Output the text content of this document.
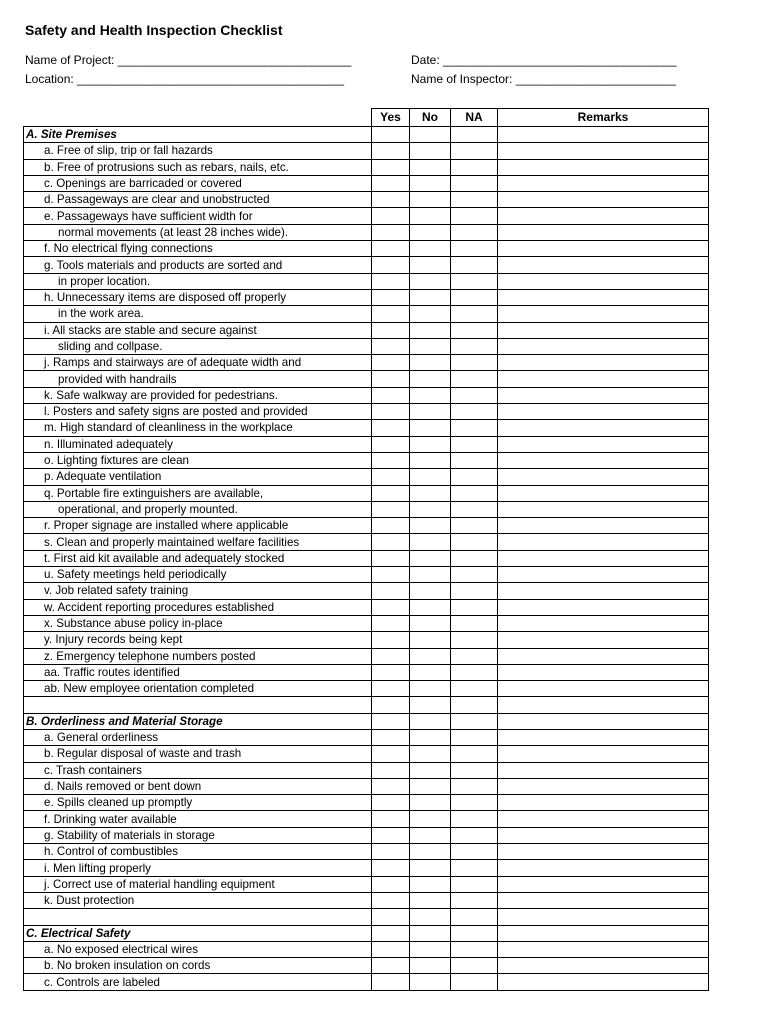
Safety and Health Inspection Checklist
Name of Project: ___________________________________	Date: ___________________________________
Location: ________________________________________	Name of Inspector: ________________________
	Yes	No	NA	Remarks
A. Site Premises				
a. Free of slip, trip or fall hazards				
b. Free of protrusions such as rebars, nails, etc.				
c. Openings are barricaded or covered				
d. Passageways are clear and unobstructed				
e. Passageways have sufficient width for				
normal movements (at least 28 inches wide).				
f. No electrical flying connections				
g. Tools materials and products are sorted and				
in proper location.				
h. Unnecessary items are disposed off properly				
in the work area.				
i. All stacks are stable and secure against				
sliding and collpase.				
j. Ramps and stairways are of adequate width and				
provided with handrails				
k. Safe walkway are provided for pedestrians.				
l. Posters and safety signs are posted and provided				
m. High standard of cleanliness in the workplace				
n. Illuminated adequately				
o. Lighting fixtures are clean				
p. Adequate ventilation				
q. Portable fire extinguishers are available,				
operational, and properly mounted.				
r. Proper signage are installed where applicable				
s. Clean and properly maintained welfare facilities				
t. First aid kit available and adequately stocked				
u. Safety meetings held periodically				
v. Job related safety training				
w. Accident reporting procedures established				
x. Substance abuse policy in-place				
y. Injury records being kept				
z. Emergency telephone numbers posted				
aa. Traffic routes identified				
ab. New employee orientation completed				

B. Orderliness and Material Storage				
a. General orderliness				
b. Regular disposal of waste and trash				
c. Trash containers				
d. Nails removed or bent down				
e. Spills cleaned up promptly				
f. Drinking water available				
g. Stability of materials in storage				
h. Control of combustibles				
i. Men lifting properly				
j. Correct use of material handling equipment				
k. Dust protection				

C. Electrical Safety				
a. No exposed electrical wires				
b. No broken insulation on cords				
c. Controls are labeled				
